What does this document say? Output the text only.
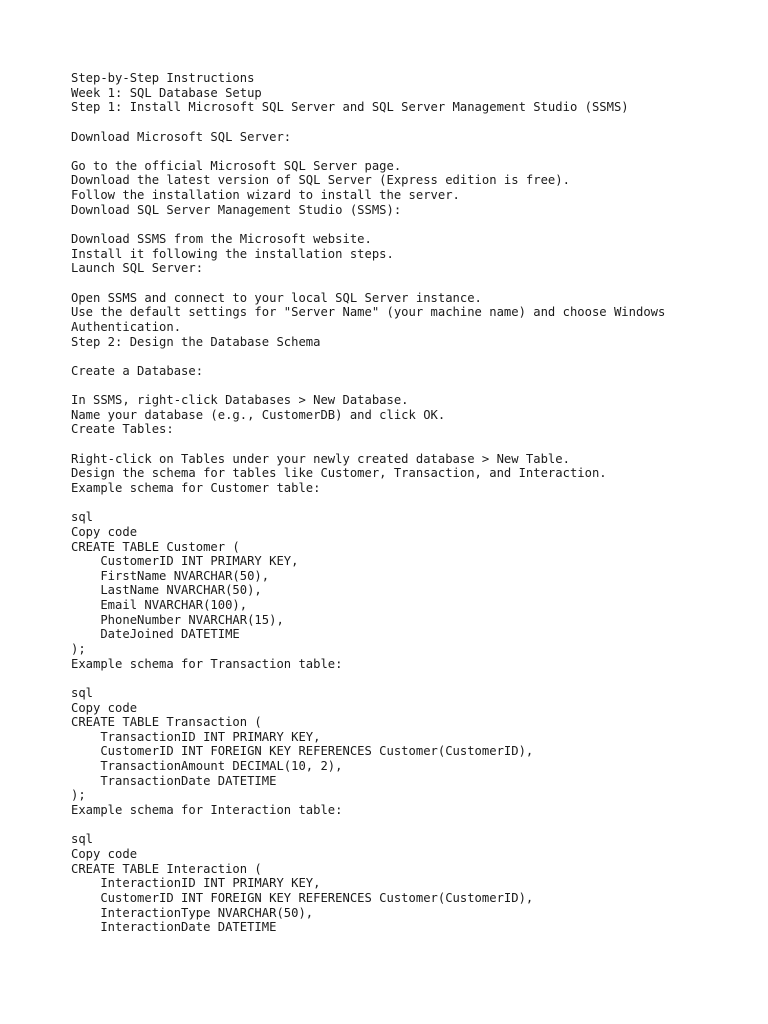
Step-by-Step Instructions
Week 1: SQL Database Setup
Step 1: Install Microsoft SQL Server and SQL Server Management Studio (SSMS)
Download Microsoft SQL Server:
Go to the official Microsoft SQL Server page.
Download the latest version of SQL Server (Express edition is free).
Follow the installation wizard to install the server.
Download SQL Server Management Studio (SSMS):
Download SSMS from the Microsoft website.
Install it following the installation steps.
Launch SQL Server:
Open SSMS and connect to your local SQL Server instance.
Use the default settings for "Server Name" (your machine name) and choose Windows
Authentication.
Step 2: Design the Database Schema
Create a Database:
In SSMS, right-click Databases > New Database.
Name your database (e.g., CustomerDB) and click OK.
Create Tables:
Right-click on Tables under your newly created database > New Table.
Design the schema for tables like Customer, Transaction, and Interaction.
Example schema for Customer table:
sql
Copy code
CREATE TABLE Customer (
CustomerID INT PRIMARY KEY,
FirstName NVARCHAR(50),
LastName NVARCHAR(50),
Email NVARCHAR(100),
PhoneNumber NVARCHAR(15),
DateJoined DATETIME
);
Example schema for Transaction table:
sql
Copy code
CREATE TABLE Transaction (
TransactionID INT PRIMARY KEY,
CustomerID INT FOREIGN KEY REFERENCES Customer(CustomerID),
TransactionAmount DECIMAL(10, 2),
TransactionDate DATETIME
);
Example schema for Interaction table:
sql
Copy code
CREATE TABLE Interaction (
InteractionID INT PRIMARY KEY,
CustomerID INT FOREIGN KEY REFERENCES Customer(CustomerID),
InteractionType NVARCHAR(50),
InteractionDate DATETIME
